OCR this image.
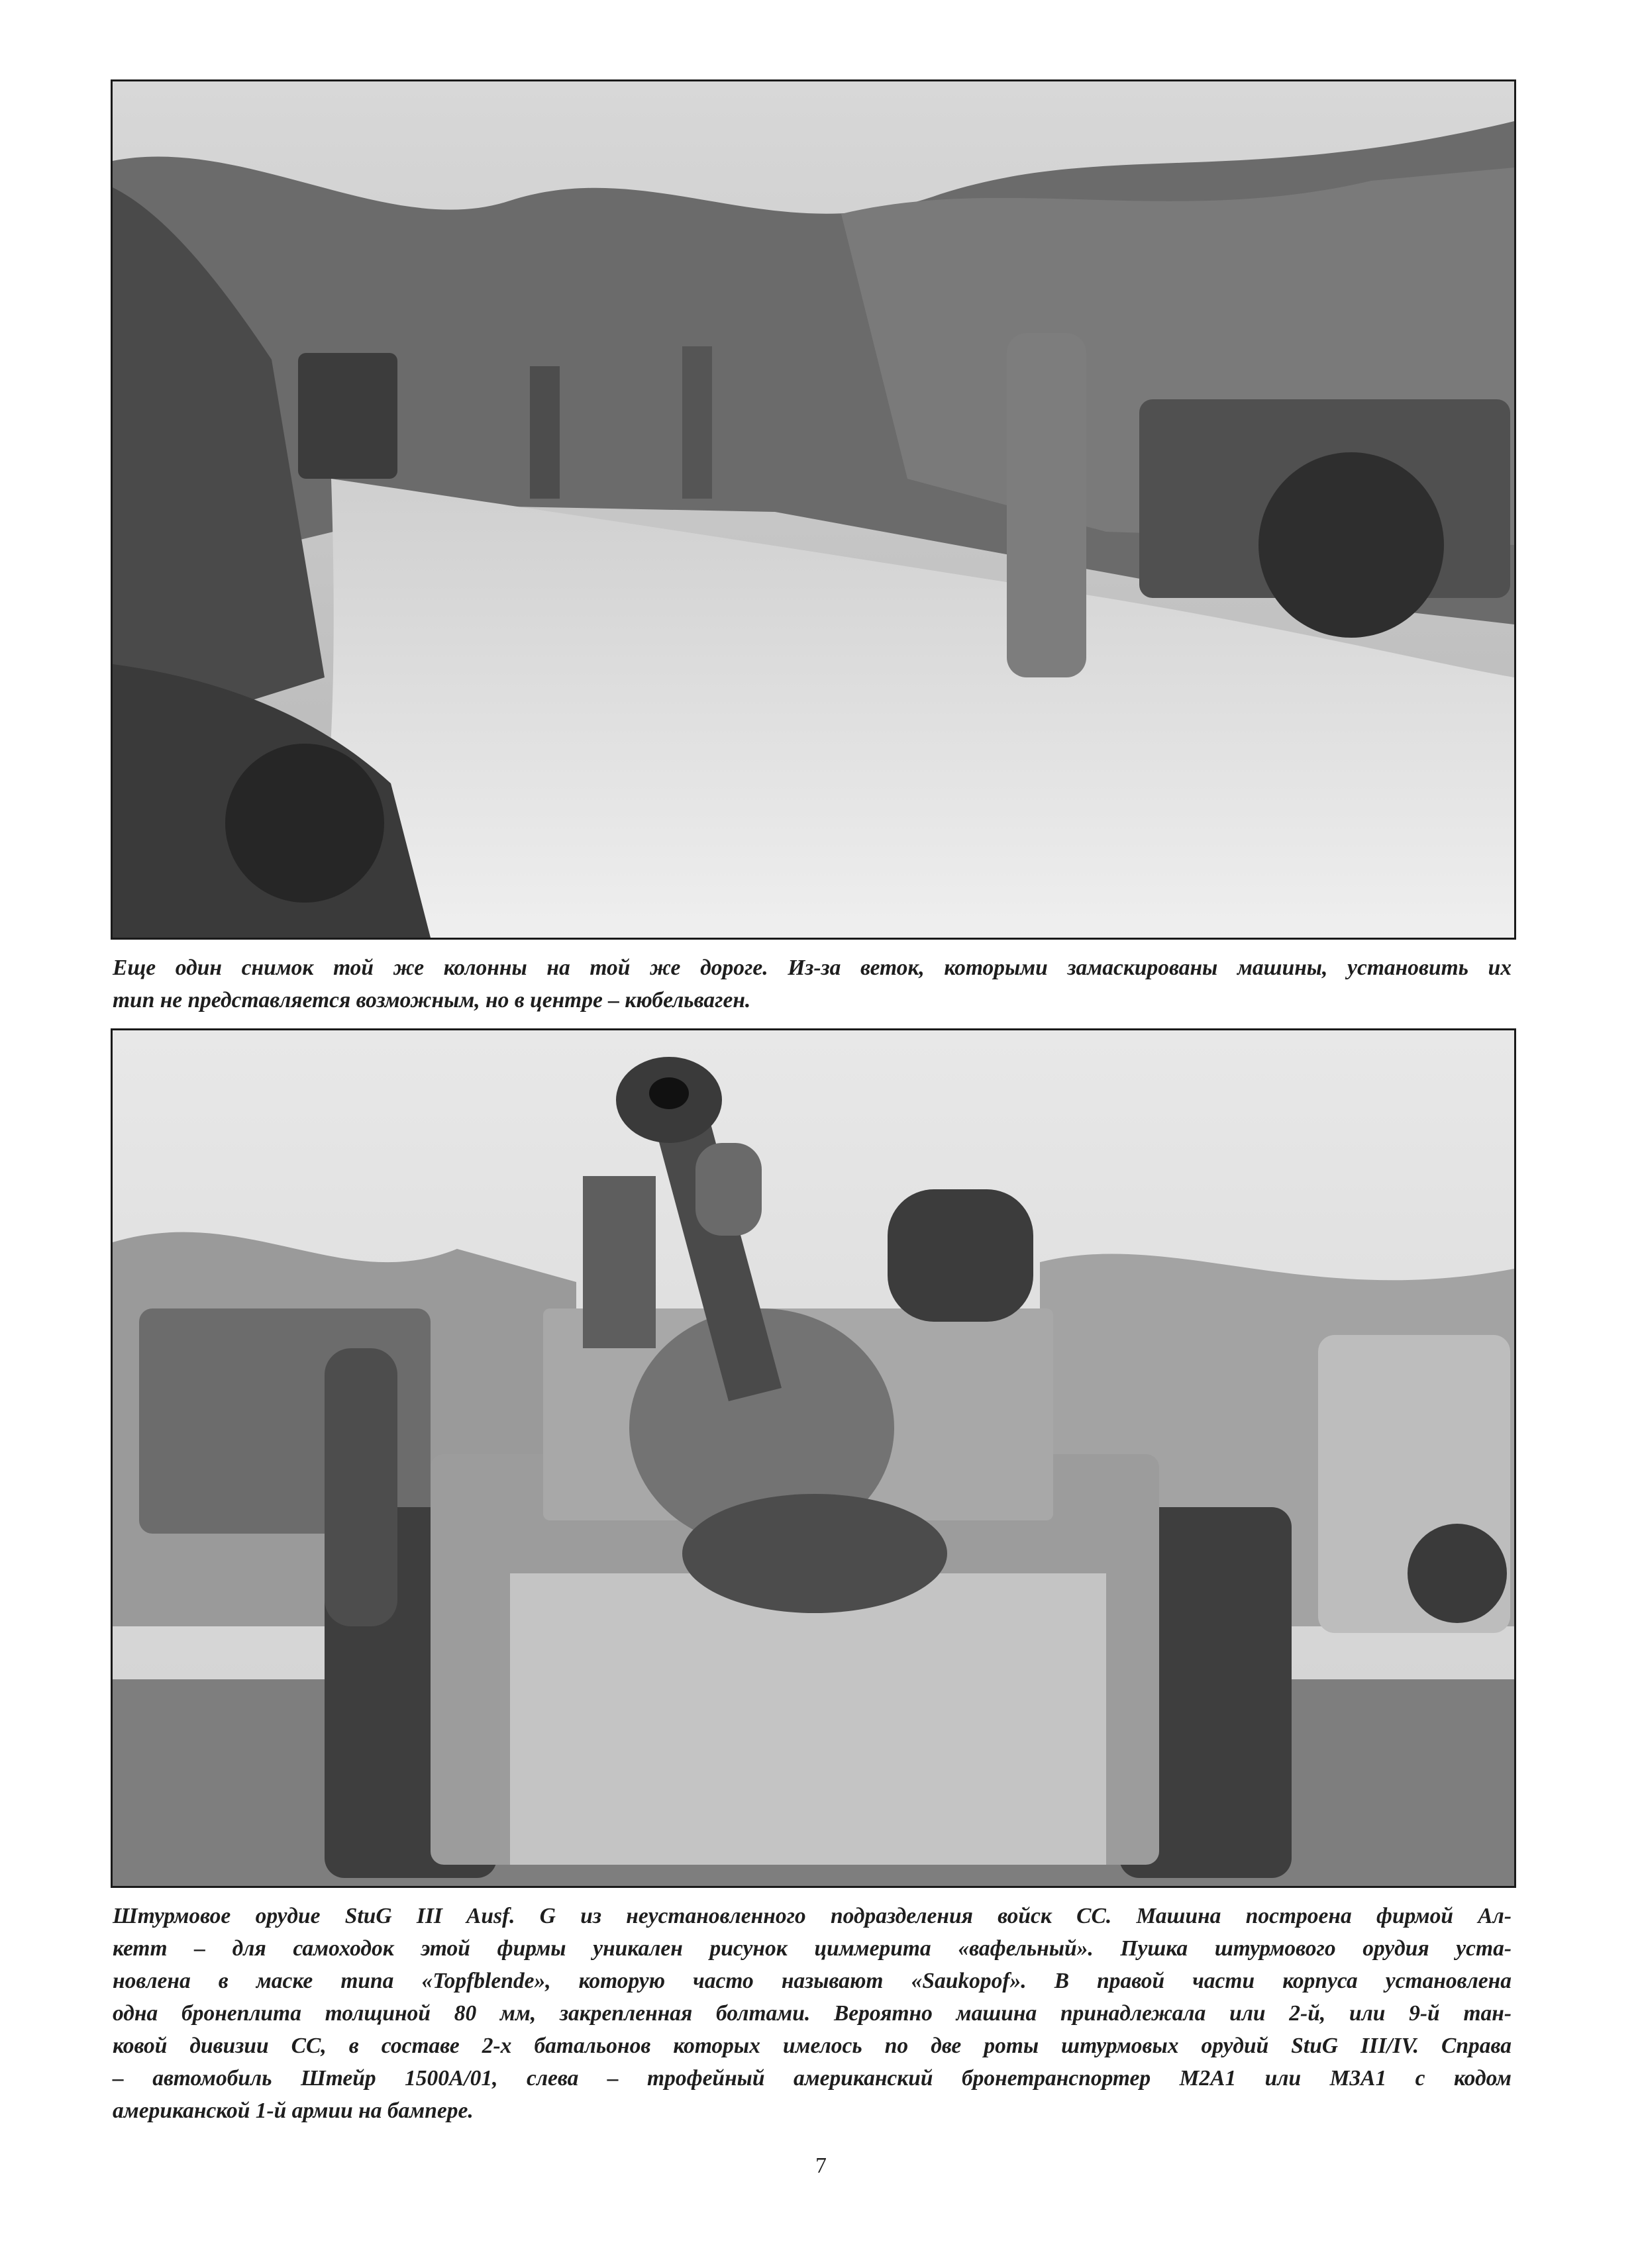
Еще один снимок той же колонны на той же дороге. Из-за веток, которыми замаскированы машины, установить их
тип не представляется возможным, но в центре – кюбельваген.

Штурмовое орудие StuG III Ausf. G из неустановленного подразделения войск СС. Машина построена фирмой Ал-
кетт – для самоходок этой фирмы уникален рисунок циммерита «вафельный». Пушка штурмового орудия уста-
новлена в маске типа «Topfblende», которую часто называют «Saukopof». В правой части корпуса установлена
одна бронеплита толщиной 80 мм, закрепленная болтами. Вероятно машина принадлежала или 2-й, или 9-й тан-
ковой дивизии СС, в составе 2-х батальонов которых имелось по две роты штурмовых орудий StuG III/IV. Справа
– автомобиль Штейр 1500А/01, слева – трофейный американский бронетранспортер М2А1 или М3А1 с кодом
американской 1-й армии на бампере.

7
